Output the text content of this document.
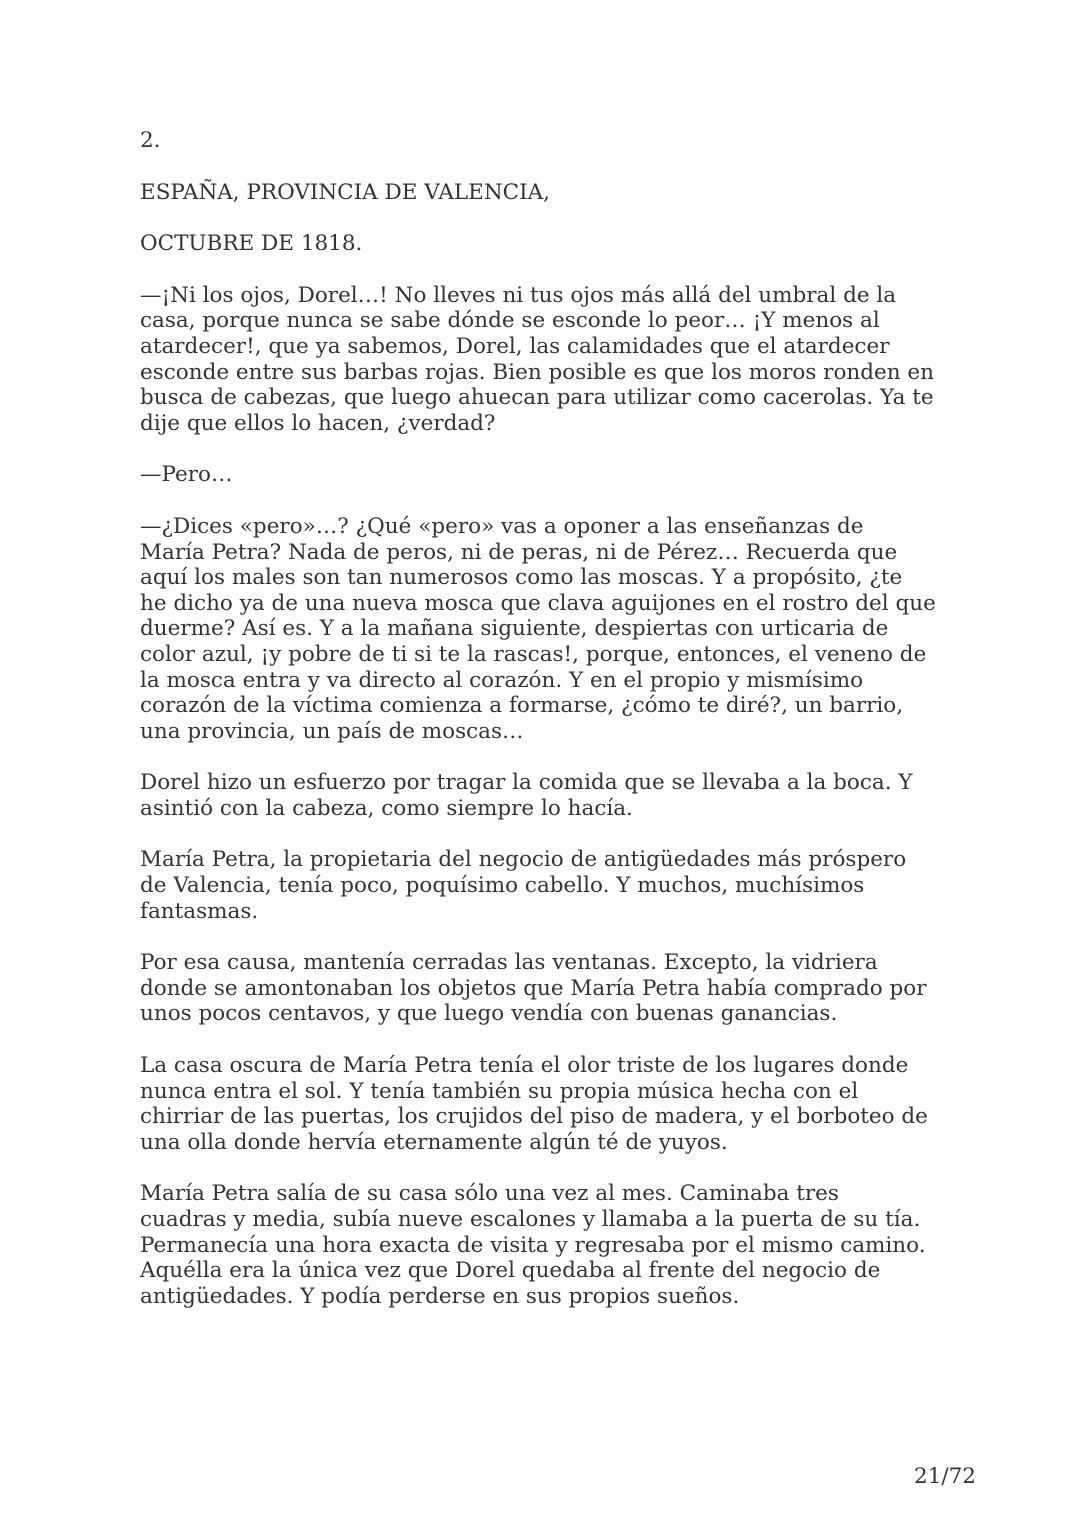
2.

ESPAÑA, PROVINCIA DE VALENCIA,

OCTUBRE DE 1818.

—¡Ni los ojos, Dorel…! No lleves ni tus ojos más allá del umbral de la
casa, porque nunca se sabe dónde se esconde lo peor… ¡Y menos al
atardecer!, que ya sabemos, Dorel, las calamidades que el atardecer
esconde entre sus barbas rojas. Bien posible es que los moros ronden en
busca de cabezas, que luego ahuecan para utilizar como cacerolas. Ya te
dije que ellos lo hacen, ¿verdad?
—Pero…
—¿Dices «pero»…? ¿Qué «pero» vas a oponer a las enseñanzas de
María Petra? Nada de peros, ni de peras, ni de Pérez… Recuerda que
aquí los males son tan numerosos como las moscas. Y a propósito, ¿te
he dicho ya de una nueva mosca que clava aguijones en el rostro del que
duerme? Así es. Y a la mañana siguiente, despiertas con urticaria de
color azul, ¡y pobre de ti si te la rascas!, porque, entonces, el veneno de
la mosca entra y va directo al corazón. Y en el propio y mismísimo
corazón de la víctima comienza a formarse, ¿cómo te diré?, un barrio,
una provincia, un país de moscas…
Dorel hizo un esfuerzo por tragar la comida que se llevaba a la boca. Y
asintió con la cabeza, como siempre lo hacía.
María Petra, la propietaria del negocio de antigüedades más próspero
de Valencia, tenía poco, poquísimo cabello. Y muchos, muchísimos
fantasmas.
Por esa causa, mantenía cerradas las ventanas. Excepto, la vidriera
donde se amontonaban los objetos que María Petra había comprado por
unos pocos centavos, y que luego vendía con buenas ganancias.
La casa oscura de María Petra tenía el olor triste de los lugares donde
nunca entra el sol. Y tenía también su propia música hecha con el
chirriar de las puertas, los crujidos del piso de madera, y el borboteo de
una olla donde hervía eternamente algún té de yuyos.
María Petra salía de su casa sólo una vez al mes. Caminaba tres
cuadras y media, subía nueve escalones y llamaba a la puerta de su tía.
Permanecía una hora exacta de visita y regresaba por el mismo camino.
Aquélla era la única vez que Dorel quedaba al frente del negocio de
antigüedades. Y podía perderse en sus propios sueños.
21/72
